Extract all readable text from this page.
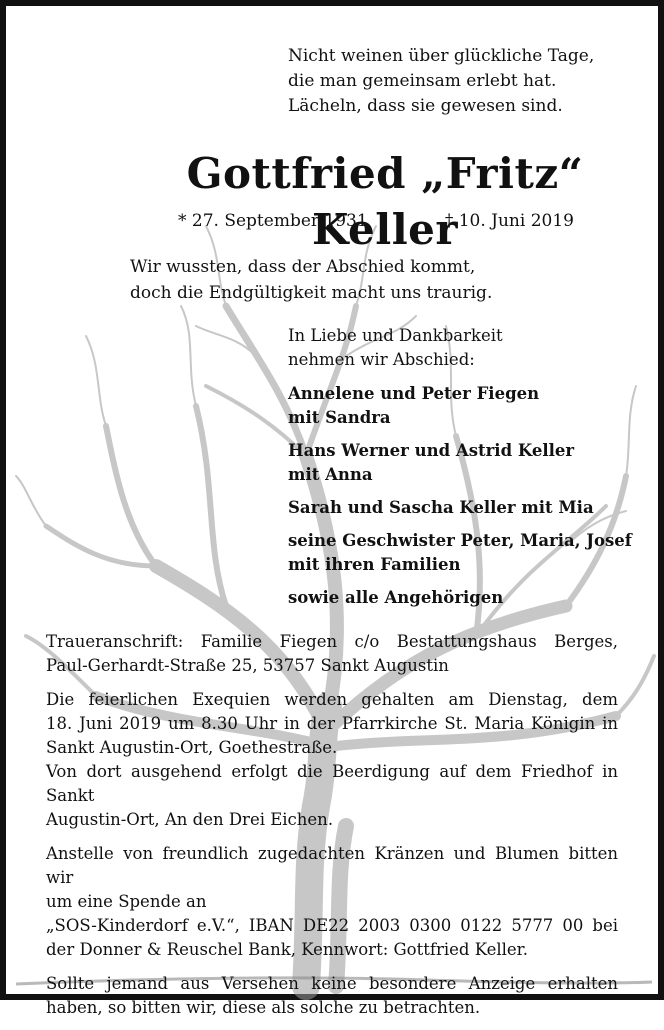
Nicht weinen über glückliche Tage,
die man gemeinsam erlebt hat.
Lächeln, dass sie gewesen sind.
Gottfried „Fritz“ Keller
* 27. September 1931	† 10. Juni 2019
Wir wussten, dass der Abschied kommt,
doch die Endgültigkeit macht uns traurig.
In Liebe und Dankbarkeit
nehmen wir Abschied:
Annelene und Peter Fiegen
mit Sandra
Hans Werner und Astrid Keller
mit Anna
Sarah und Sascha Keller mit Mia
seine Geschwister Peter, Maria, Josef
mit ihren Familien
sowie alle Angehörigen

Traueranschrift: Familie Fiegen c/o Bestattungshaus Berges,
Paul-Gerhardt-Straße 25, 53757 Sankt Augustin

Die feierlichen Exequien werden gehalten am Dienstag, dem
18. Juni 2019 um 8.30 Uhr in der Pfarrkirche St. Maria Königin in
Sankt Augustin-Ort, Goethestraße.
Von dort ausgehend erfolgt die Beerdigung auf dem Friedhof in Sankt
Augustin-Ort, An den Drei Eichen.

Anstelle von freundlich zugedachten Kränzen und Blumen bitten wir
um eine Spende an
„SOS-Kinderdorf e.V.“, IBAN DE22 2003 0300 0122 5777 00 bei
der Donner & Reuschel Bank, Kennwort: Gottfried Keller.

Sollte jemand aus Versehen keine besondere Anzeige erhalten
haben, so bitten wir, diese als solche zu betrachten.
